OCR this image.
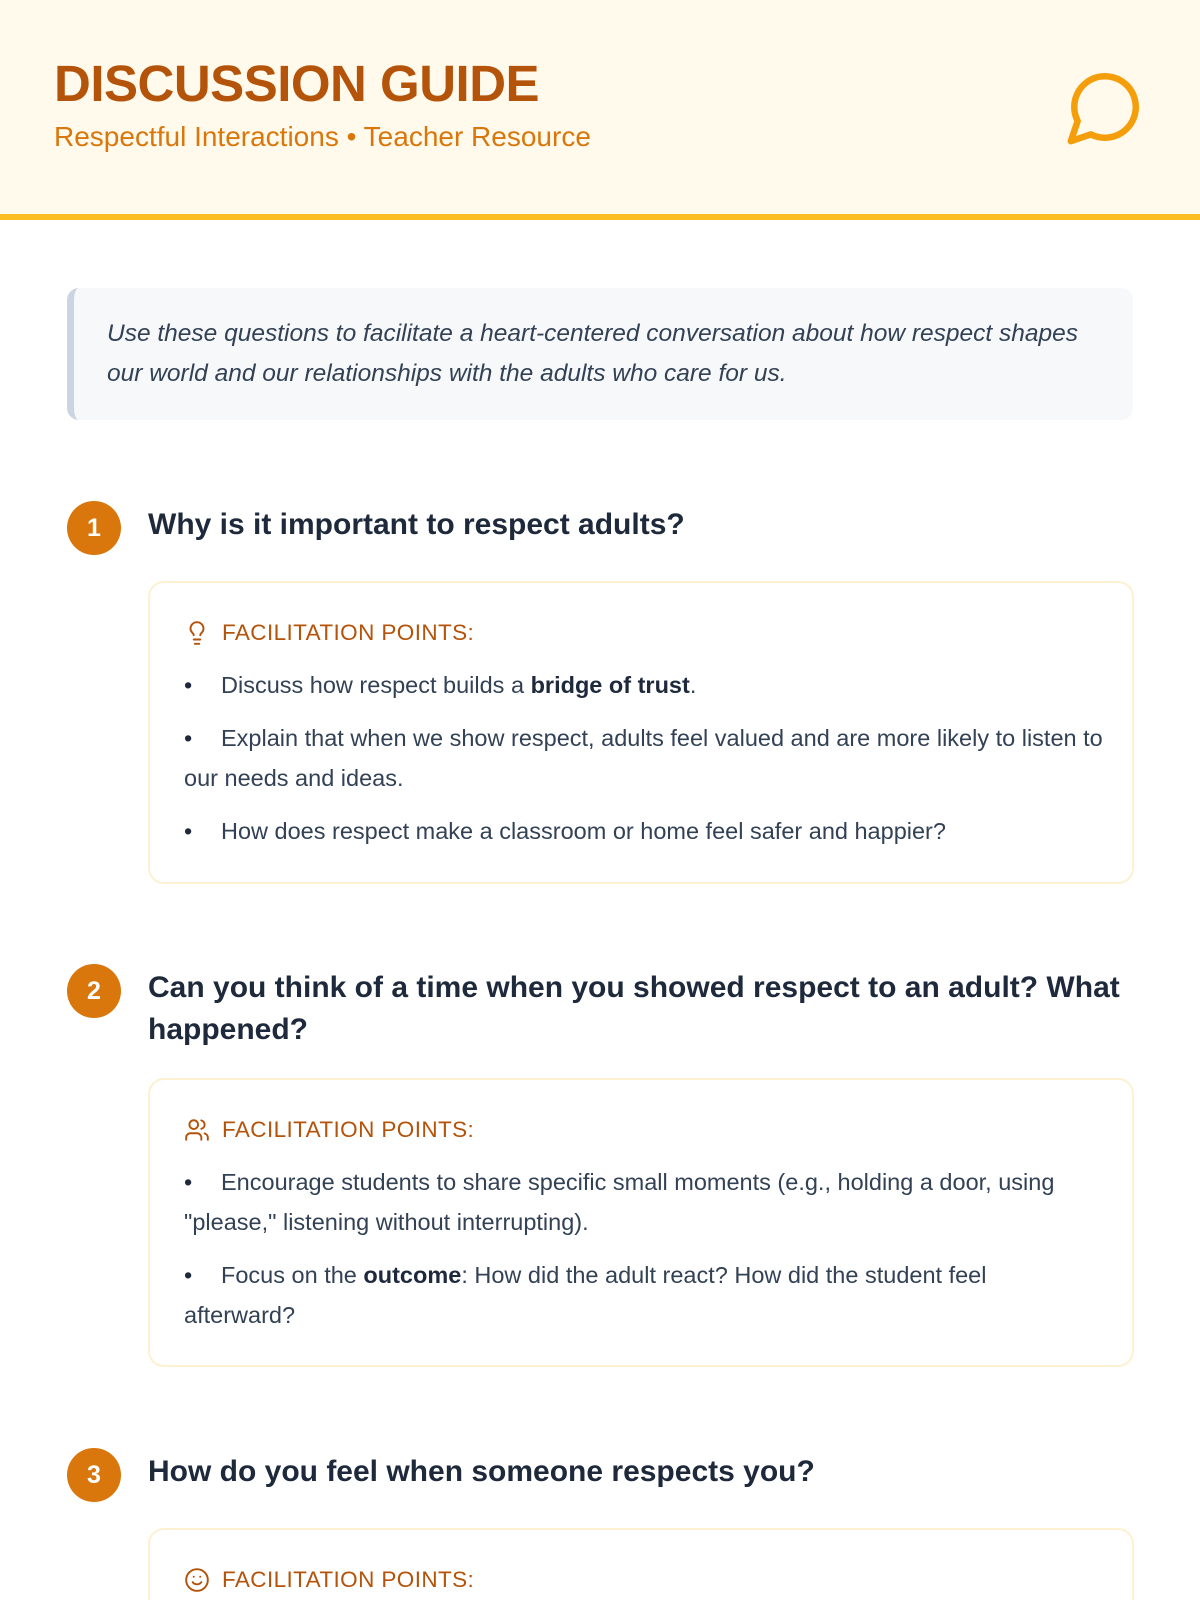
DISCUSSION GUIDE
Respectful Interactions • Teacher Resource
Use these questions to facilitate a heart-centered conversation about how respect shapes our world and our relationships with the adults who care for us.
1	Why is it important to respect adults?
FACILITATION POINTS:
• Discuss how respect builds a bridge of trust.
• Explain that when we show respect, adults feel valued and are more likely to listen to our needs and ideas.
• How does respect make a classroom or home feel safer and happier?
2	Can you think of a time when you showed respect to an adult? What happened?
FACILITATION POINTS:
• Encourage students to share specific small moments (e.g., holding a door, using "please," listening without interrupting).
• Focus on the outcome: How did the adult react? How did the student feel afterward?
3	How do you feel when someone respects you?
FACILITATION POINTS:
